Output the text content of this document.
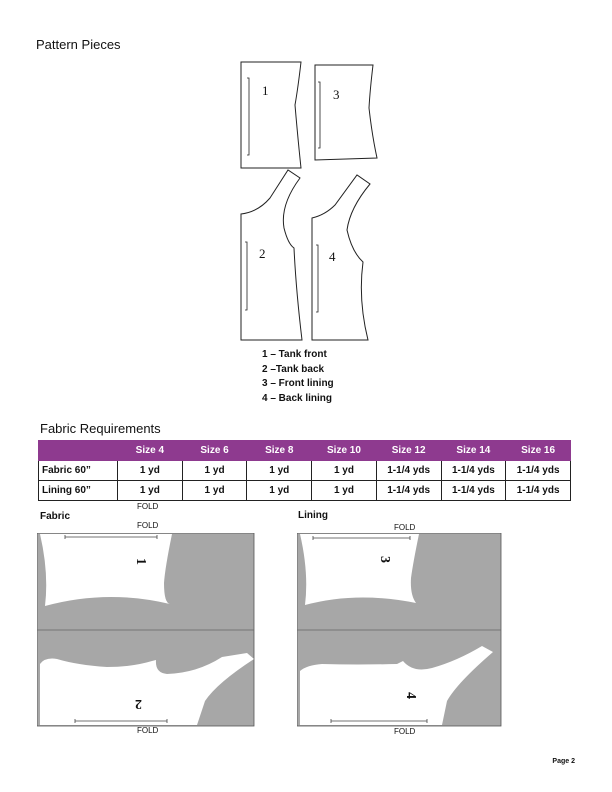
Pattern Pieces
1	3
2	4
1 – Tank front
2 –Tank back
3 – Front lining
4 – Back lining
Fabric Requirements
	Size 4	Size 6	Size 8	Size 10	Size 12	Size 14	Size 16
Fabric 60”	1 yd	1 yd	1 yd	1 yd	1-1/4 yds	1-1/4 yds	1-1/4 yds
Lining 60”	1 yd	1 yd	1 yd	1 yd	1-1/4 yds	1-1/4 yds	1-1/4 yds
Fabric
FOLD
FOLD
Lining
FOLD
FOLD	FOLD
1
2
3
4
Page 2
